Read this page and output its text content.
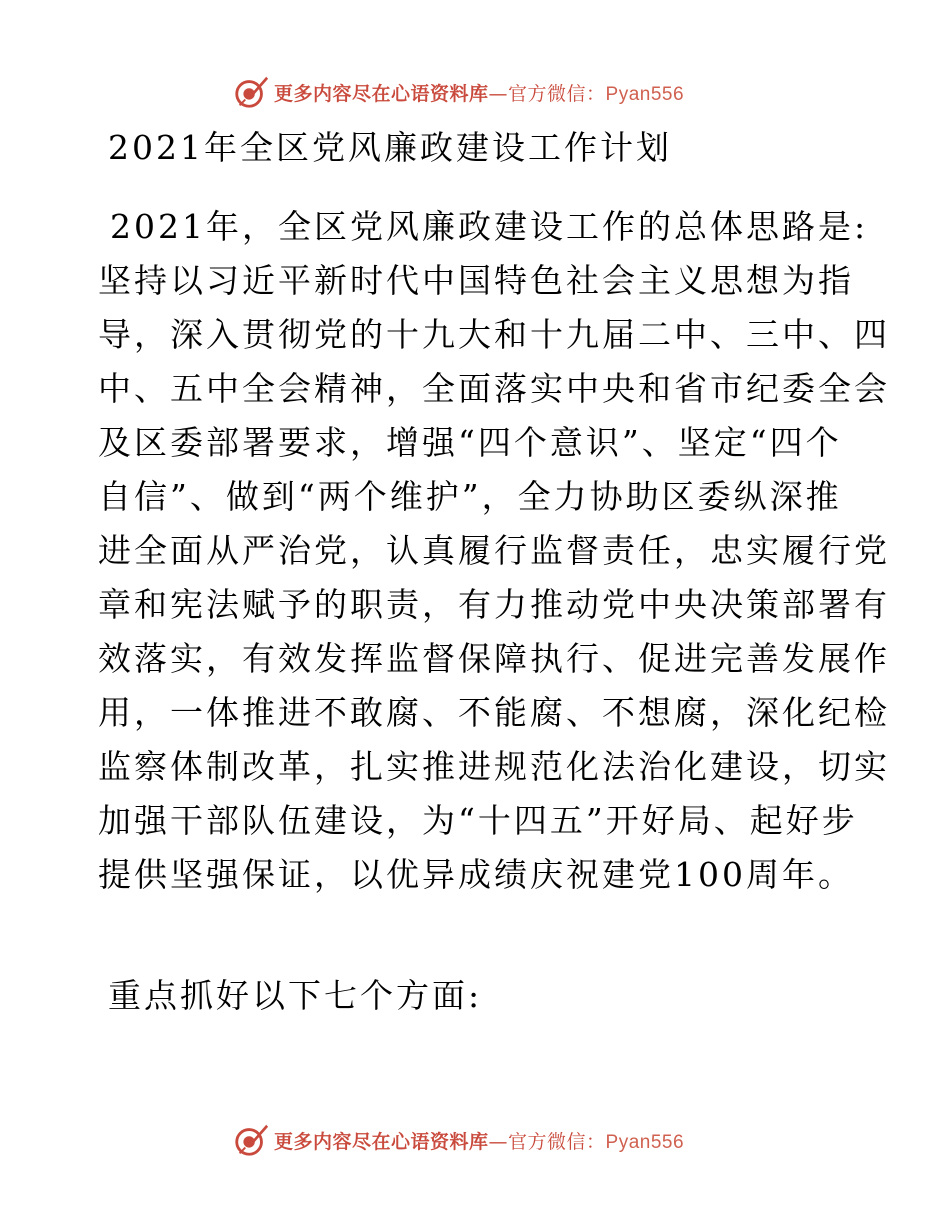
更多内容尽在心语资料库—官方微信：Pyan556
2021年全区党风廉政建设工作计划

2021年，全区党风廉政建设工作的总体思路是:
坚持以习近平新时代中国特色社会主义思想为指
导，深入贯彻党的十九大和十九届二中、三中、四
中、五中全会精神，全面落实中央和省市纪委全会
及区委部署要求，增强“四个意识”、坚定“四个
自信”、做到“两个维护”，全力协助区委纵深推
进全面从严治党，认真履行监督责任，忠实履行党
章和宪法赋予的职责，有力推动党中央决策部署有
效落实，有效发挥监督保障执行、促进完善发展作
用，一体推进不敢腐、不能腐、不想腐，深化纪检
监察体制改革，扎实推进规范化法治化建设，切实
加强干部队伍建设，为“十四五”开好局、起好步
提供坚强保证，以优异成绩庆祝建党100周年。

重点抓好以下七个方面:

更多内容尽在心语资料库—官方微信：Pyan556
